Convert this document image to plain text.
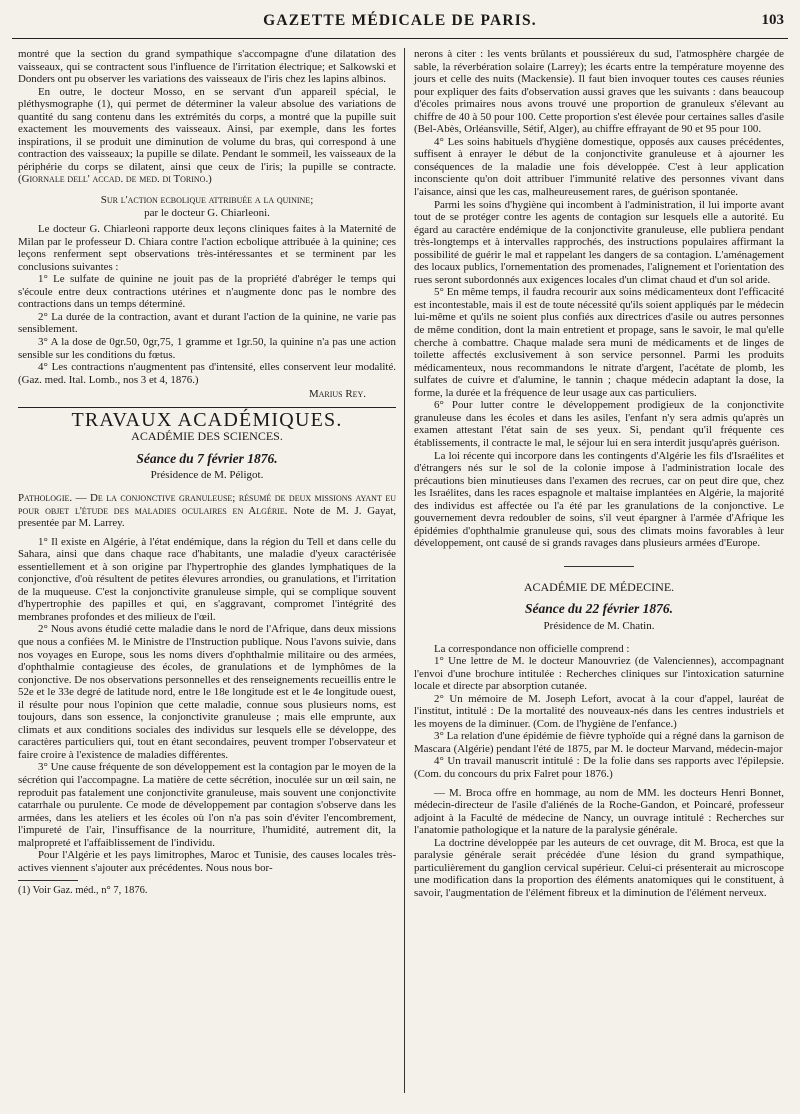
GAZETTE MÉDICALE DE PARIS.	103

montré que la section du grand sympathique s'accompagne d'une dilatation des vaisseaux, qui se contractent sous l'influence de l'irritation électrique; et Salkowski et Donders ont pu observer les variations des vaisseaux de l'iris chez les lapins albinos.

En outre, le docteur Mosso, en se servant d'un appareil spécial, le pléthysmographe (1), qui permet de déterminer la valeur absolue des variations de quantité du sang contenu dans les extrémités du corps, a montré que la pupille suit exactement les mouvements des vaisseaux. Ainsi, par exemple, dans les fortes inspirations, il se produit une diminution de volume du bras, qui correspond à une contraction des vaisseaux; la pupille se dilate. Pendant le sommeil, les vaisseaux de la périphérie du corps se dilatent, ainsi que ceux de l'iris; la pupille se contracte. (Giornale dell' accad. de med. di Torino.)

Sur l'action ecbolique attribuée a la quinine;
par le docteur G. Chiarleoni.

Le docteur G. Chiarleoni rapporte deux leçons cliniques faites à la Maternité de Milan par le professeur D. Chiara contre l'action ecbolique attribuée à la quinine; ces leçons renferment sept observations très-intéressantes et se terminent par les conclusions suivantes :

1° Le sulfate de quinine ne jouit pas de la propriété d'abréger le temps qui s'écoule entre deux contractions utérines et n'augmente donc pas le nombre des contractions dans un temps déterminé.

2° La durée de la contraction, avant et durant l'action de la quinine, ne varie pas sensiblement.

3° A la dose de 0gr.50, 0gr,75, 1 gramme et 1gr.50, la quinine n'a pas une action sensible sur les conditions du fœtus.

4° Les contractions n'augmentent pas d'intensité, elles conservent leur modalité. (Gaz. med. Ital. Lomb., nos 3 et 4, 1876.)

Marius Rey.
TRAVAUX ACADÉMIQUES.
ACADÉMIE DES SCIENCES.
Séance du 7 février 1876.
Présidence de M. Péligot.

Pathologie. — De la conjonctive granuleuse; résumé de deux missions ayant eu pour objet l'étude des maladies oculaires en Algérie. Note de M. J. Gayat, presentée par M. Larrey.

1° Il existe en Algérie, à l'état endémique, dans la région du Tell et dans celle du Sahara, ainsi que dans chaque race d'habitants, une maladie d'yeux caractérisée essentiellement et à son origine par l'hypertrophie des glandes lymphatiques de la conjonctive, d'où résultent de petites élevures arrondies, ou granulations, et l'irritation de la muqueuse. C'est la conjonctivite granuleuse simple, qui se complique souvent d'hypertrophie des papilles et qui, en s'aggravant, compromet l'intégrité des membranes profondes et des milieux de l'œil.

2° Nous avons étudié cette maladie dans le nord de l'Afrique, dans deux missions que nous a confiées M. le Ministre de l'Instruction publique. Nous l'avons suivie, dans nos voyages en Europe, sous les noms divers d'ophthalmie militaire ou des armées, d'ophthalmie contagieuse des écoles, de granulations et de lymphômes de la conjonctive. De nos observations personnelles et des renseignements recueillis entre le 52e et le 33e degré de latitude nord, entre le 18e longitude est et le 4e longitude ouest, il résulte pour nous l'opinion que cette maladie, connue sous plusieurs noms, est toujours, dans son essence, la conjonctivite granuleuse ; mais elle emprunte, aux climats et aux conditions sociales des individus sur lesquels elle se développe, des caractères particuliers qui, tout en étant secondaires, peuvent tromper l'observateur et faire croire à l'existence de maladies différentes.

3° Une cause fréquente de son développement est la contagion par le moyen de la sécrétion qui l'accompagne. La matière de cette sécrétion, inoculée sur un œil sain, ne reproduit pas fatalement une conjonctivite granuleuse, mais souvent une conjonctivite catarrhale ou purulente. Ce mode de développement par contagion s'observe dans les armées, dans les ateliers et les écoles où l'on n'a pas soin d'éviter l'encombrement, l'impureté de l'air, l'insuffisance de la nourriture, l'humidité, autrement dit, la malpropreté et l'affaiblissement de l'individu.

Pour l'Algérie et les pays limitrophes, Maroc et Tunisie, des causes locales très-actives viennent s'ajouter aux précédentes. Nous nous bor-

(1) Voir Gaz. méd., n° 7, 1876.

nerons à citer : les vents brûlants et poussiéreux du sud, l'atmosphère chargée de sable, la réverbération solaire (Larrey); les écarts entre la température moyenne des jours et celle des nuits (Mackensie). Il faut bien invoquer toutes ces causes réunies pour expliquer des faits d'observation aussi graves que les suivants : dans beaucoup d'écoles primaires nous avons trouvé une proportion de granuleux s'élevant au chiffre de 40 à 50 pour 100. Cette proportion s'est élevée pour certaines salles d'asile (Bel-Abès, Orléansville, Sétif, Alger), au chiffre effrayant de 90 et 95 pour 100.

4° Les soins habituels d'hygiène domestique, opposés aux causes précédentes, suffisent à enrayer le début de la conjonctivite granuleuse et à ajourner les conséquences de la maladie une fois développée. C'est à leur application inconsciente qu'on doit attribuer l'immunité relative des personnes vivant dans l'aisance, ainsi que les cas, malheureusement rares, de guérison spontanée.

Parmi les soins d'hygiène qui incombent à l'administration, il lui importe avant tout de se protéger contre les agents de contagion sur lesquels elle a autorité. Eu égard au caractère endémique de la conjonctivite granuleuse, elle publiera pendant très-longtemps et à intervalles rapprochés, des instructions populaires affirmant la possibilité de guérir le mal et rappelant les dangers de sa contagion. L'aménagement des locaux publics, l'ornementation des promenades, l'alignement et l'orientation des rues seront subordonnés aux exigences locales d'un climat chaud et d'un sol aride.

5° En même temps, il faudra recourir aux soins médicamenteux dont l'efficacité est incontestable, mais il est de toute nécessité qu'ils soient appliqués par le médecin lui-même et qu'ils ne soient plus confiés aux directrices d'asile ou autres personnes de même condition, dont la main entretient et propage, sans le savoir, le mal qu'elle cherche à combattre. Chaque malade sera muni de médicaments et de linges de toilette affectés exclusivement à son service personnel. Parmi les produits médicamenteux, nous recommandons le nitrate d'argent, l'acétate de plomb, les sulfates de cuivre et d'alumine, le tannin ; chaque médecin adaptant la dose, la forme, la durée et la fréquence de leur usage aux cas particuliers.

6° Pour lutter contre le développement prodigieux de la conjonctivite granuleuse dans les écoles et dans les asiles, l'enfant n'y sera admis qu'après un examen attestant l'état sain de ses yeux. Si, pendant qu'il fréquente ces établissements, il contracte le mal, le séjour lui en sera interdit jusqu'après guérison.

La loi récente qui incorpore dans les contingents d'Algérie les fils d'Israélites et d'étrangers nés sur le sol de la colonie impose à l'administration locale des précautions bien minutieuses dans l'examen des recrues, car on peut dire que, chez les Israélites, dans les races espagnole et maltaise implantées en Algérie, la majorité des individus est affectée ou l'a été par les granulations de la conjonctive. Le gouvernement devra redoubler de soins, s'il veut épargner à l'armée d'Afrique les épidémies d'ophthalmie granuleuse qui, sous des climats moins favorables à leur développement, ont causé de si grands ravages dans plusieurs armées d'Europe.

ACADÉMIE DE MÉDECINE.
Séance du 22 février 1876.
Présidence de M. Chatin.

La correspondance non officielle comprend :

1° Une lettre de M. le docteur Manouvriez (de Valenciennes), accompagnant l'envoi d'une brochure intitulée : Recherches cliniques sur l'intoxication saturnine locale et directe par absorption cutanée.

2° Un mémoire de M. Joseph Lefort, avocat à la cour d'appel, lauréat de l'institut, intitulé : De la mortalité des nouveaux-nés dans les centres industriels et les moyens de la diminuer. (Com. de l'hygiène de l'enfance.)

3° La relation d'une épidémie de fièvre typhoïde qui a régné dans la garnison de Mascara (Algérie) pendant l'été de 1875, par M. le docteur Marvand, médecin-major

4° Un travail manuscrit intitulé : De la folie dans ses rapports avec l'épilepsie. (Com. du concours du prix Falret pour 1876.)

— M. Broca offre en hommage, au nom de MM. les docteurs Henri Bonnet, médecin-directeur de l'asile d'aliénés de la Roche-Gandon, et Poincaré, professeur adjoint à la Faculté de médecine de Nancy, un ouvrage intitulé : Recherches sur l'anatomie pathologique et la nature de la paralysie générale.

La doctrine développée par les auteurs de cet ouvrage, dit M. Broca, est que la paralysie générale serait précédée d'une lésion du grand sympathique, particulièrement du ganglion cervical supérieur. Celui-ci présenterait au microscope une modification dans la proportion des éléments anatomiques qui le constituent, à savoir, l'augmentation de l'élément fibreux et la diminution de l'élément nerveux.
